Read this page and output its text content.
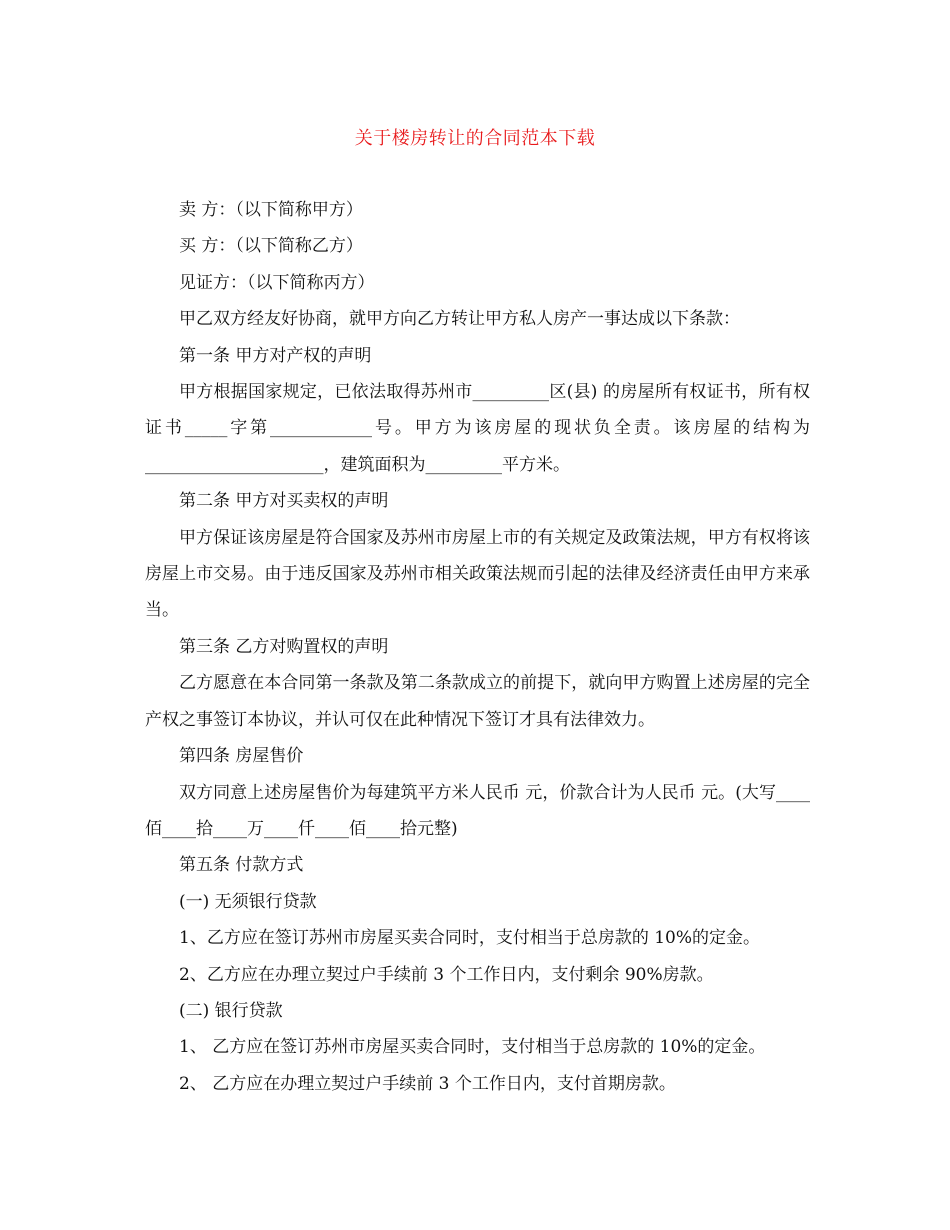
关于楼房转让的合同范本下载

卖 方：（以下简称甲方）

买 方：（以下简称乙方）

见证方：（以下简称丙方）

甲乙双方经友好协商，就甲方向乙方转让甲方私人房产一事达成以下条款：

第一条 甲方对产权的声明

甲方根据国家规定，已依法取得苏州市_________区(县) 的房屋所有权证书，所有权证书_____字第____________号。甲方为该房屋的现状负全责。该房屋的结构为 _____________________，建筑面积为_________平方米。

第二条 甲方对买卖权的声明

甲方保证该房屋是符合国家及苏州市房屋上市的有关规定及政策法规，甲方有权将该房屋上市交易。由于违反国家及苏州市相关政策法规而引起的法律及经济责任由甲方来承当。

第三条 乙方对购置权的声明

乙方愿意在本合同第一条款及第二条款成立的前提下，就向甲方购置上述房屋的完全产权之事签订本协议，并认可仅在此种情况下签订才具有法律效力。

第四条 房屋售价

双方同意上述房屋售价为每建筑平方米人民币 元，价款合计为人民币 元。(大写____佰____拾____万____仟____佰____拾元整)

第五条 付款方式

(一) 无须银行贷款

1、乙方应在签订苏州市房屋买卖合同时，支付相当于总房款的 10%的定金。

2、乙方应在办理立契过户手续前 3 个工作日内，支付剩余 90%房款。

(二) 银行贷款

1、 乙方应在签订苏州市房屋买卖合同时，支付相当于总房款的 10%的定金。

2、 乙方应在办理立契过户手续前 3 个工作日内，支付首期房款。
